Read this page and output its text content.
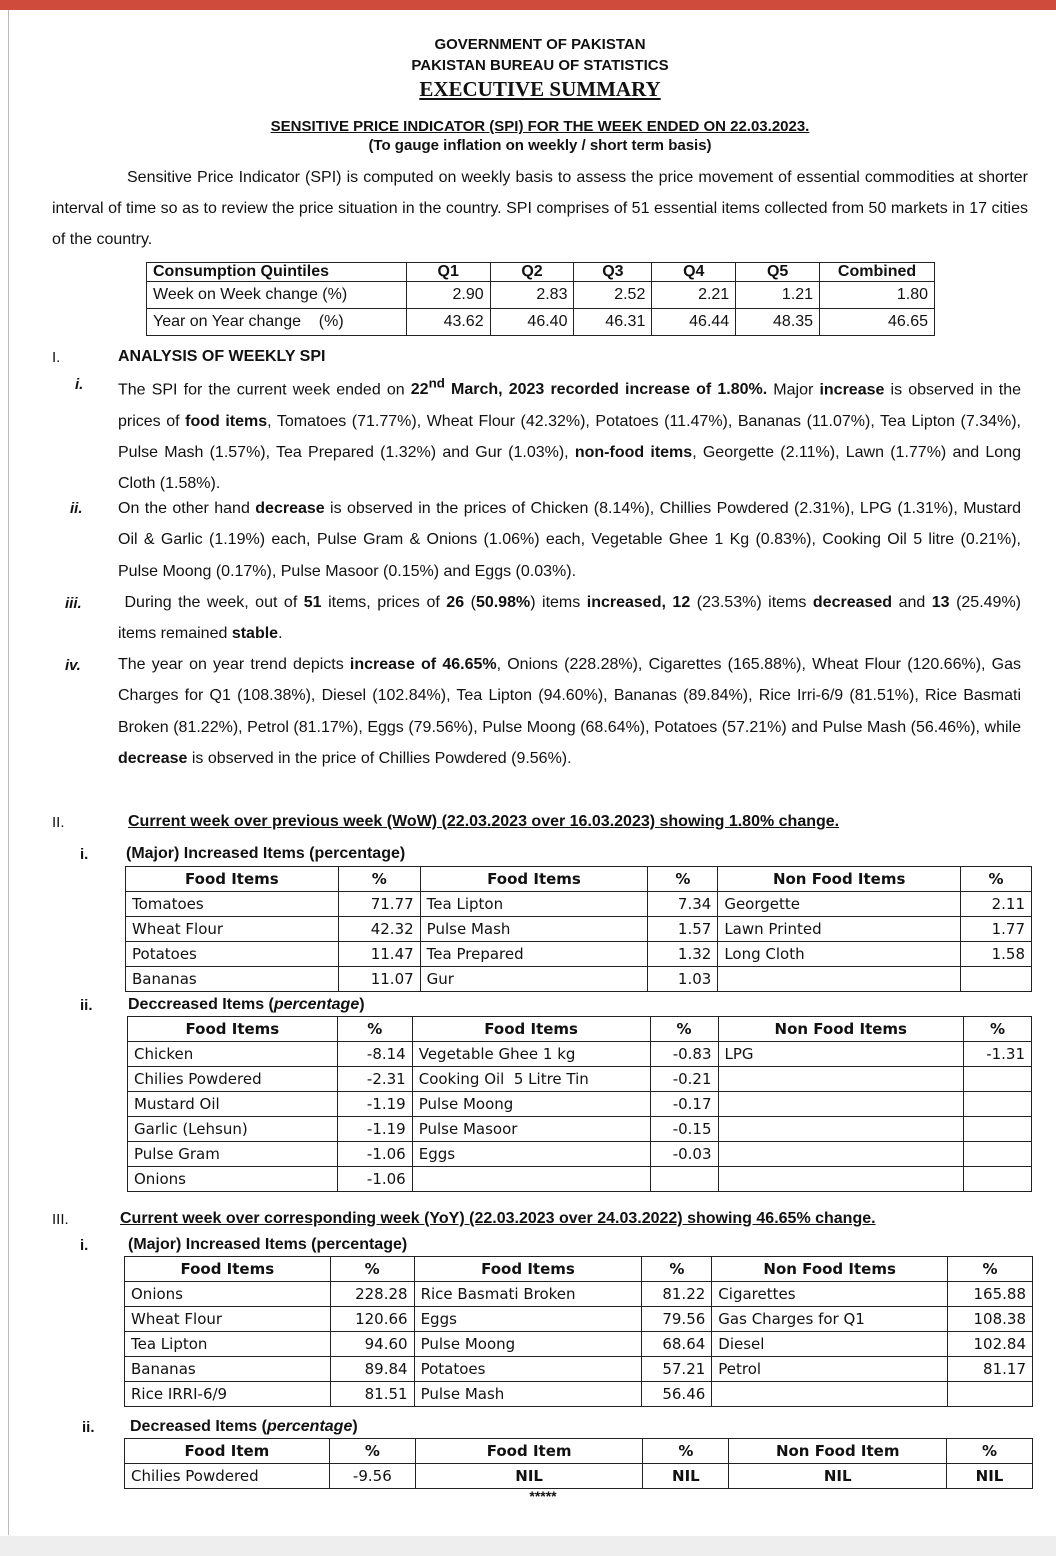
GOVERNMENT OF PAKISTAN
PAKISTAN BUREAU OF STATISTICS
EXECUTIVE SUMMARY
SENSITIVE PRICE INDICATOR (SPI) FOR THE WEEK ENDED ON 22.03.2023.
(To gauge inflation on weekly / short term basis)

Sensitive Price Indicator (SPI) is computed on weekly basis to assess the price movement of essential commodities at shorter interval of time so as to review the price situation in the country. SPI comprises of 51 essential items collected from 50 markets in 17 cities of the country.

Consumption Quintiles	Q1	Q2	Q3	Q4	Q5	Combined
Week on Week change (%)	2.90	2.83	2.52	2.21	1.21	1.80
Year on Year change    (%)	43.62	46.40	46.31	46.44	48.35	46.65
I.	ANALYSIS OF WEEKLY SPI
i. The SPI for the current week ended on 22nd March, 2023 recorded increase of 1.80%. Major increase is observed in the prices of food items, Tomatoes (71.77%), Wheat Flour (42.32%), Potatoes (11.47%), Bananas (11.07%), Tea Lipton (7.34%), Pulse Mash (1.57%), Tea Prepared (1.32%) and Gur (1.03%), non-food items, Georgette (2.11%), Lawn (1.77%) and Long Cloth (1.58%).
ii. On the other hand decrease is observed in the prices of Chicken (8.14%), Chillies Powdered (2.31%), LPG (1.31%), Mustard Oil & Garlic (1.19%) each, Pulse Gram & Onions (1.06%) each, Vegetable Ghee 1 Kg (0.83%), Cooking Oil 5 litre (0.21%), Pulse Moong (0.17%), Pulse Masoor (0.15%) and Eggs (0.03%).
iii. During the week, out of 51 items, prices of 26 (50.98%) items increased, 12 (23.53%) items decreased and 13 (25.49%) items remained stable.
iv. The year on year trend depicts increase of 46.65%, Onions (228.28%), Cigarettes (165.88%), Wheat Flour (120.66%), Gas Charges for Q1 (108.38%), Diesel (102.84%), Tea Lipton (94.60%), Bananas (89.84%), Rice Irri-6/9 (81.51%), Rice Basmati Broken (81.22%), Petrol (81.17%), Eggs (79.56%), Pulse Moong (68.64%), Potatoes (57.21%) and Pulse Mash (56.46%), while decrease is observed in the price of Chillies Powdered (9.56%).
II.	Current week over previous week (WoW) (22.03.2023 over 16.03.2023) showing 1.80% change.
i. (Major) Increased Items (percentage)
Food Items	%	Food Items	%	Non Food Items	%
Tomatoes	71.77	Tea Lipton	7.34	Georgette	2.11
Wheat Flour	42.32	Pulse Mash	1.57	Lawn Printed	1.77
Potatoes	11.47	Tea Prepared	1.32	Long Cloth	1.58
Bananas	11.07	Gur	1.03		
ii. Deccreased Items (percentage)
Food Items	%	Food Items	%	Non Food Items	%
Chicken	-8.14	Vegetable Ghee 1 kg	-0.83	LPG	-1.31
Chilies Powdered	-2.31	Cooking Oil  5 Litre Tin	-0.21		
Mustard Oil	-1.19	Pulse Moong	-0.17		
Garlic (Lehsun)	-1.19	Pulse Masoor	-0.15		
Pulse Gram	-1.06	Eggs	-0.03		
Onions	-1.06				
III.	Current week over corresponding week (YoY) (22.03.2023 over 24.03.2022) showing 46.65% change.
i. (Major) Increased Items (percentage)
Food Items	%	Food Items	%	Non Food Items	%
Onions	228.28	Rice Basmati Broken	81.22	Cigarettes	165.88
Wheat Flour	120.66	Eggs	79.56	Gas Charges for Q1	108.38
Tea Lipton	94.60	Pulse Moong	68.64	Diesel	102.84
Bananas	89.84	Potatoes	57.21	Petrol	81.17
Rice IRRI-6/9	81.51	Pulse Mash	56.46		
ii. Decreased Items (percentage)
Food Item	%	Food Item	%	Non Food Item	%
Chilies Powdered	-9.56	NIL	NIL	NIL	NIL
*****
